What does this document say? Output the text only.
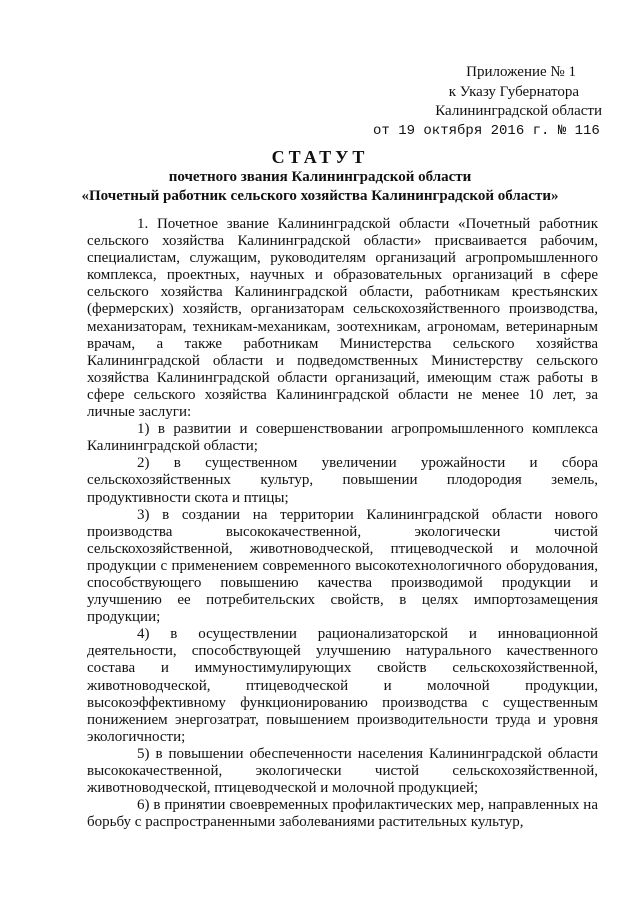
Приложение № 1
к Указу Губернатора
Калининградской области
от 19 октября 2016 г. № 116

СТАТУТ

почетного звания Калининградской области

«Почетный работник сельского хозяйства Калининградской области»

1. Почетное звание Калининградской области «Почетный работник сельского хозяйства Калининградской области» присваивается рабочим, специалистам, служащим, руководителям организаций агропромышленного комплекса, проектных, научных и образовательных организаций в сфере сельского хозяйства Калининградской области, работникам крестьянских (фермерских) хозяйств, организаторам сельскохозяйственного производства, механизаторам, техникам-механикам, зоотехникам, агрономам, ветеринарным врачам, а также работникам Министерства сельского хозяйства Калининградской области и подведомственных Министерству сельского хозяйства Калининградской области организаций, имеющим стаж работы в сфере сельского хозяйства Калининградской области не менее 10 лет, за личные заслуги:

1) в развитии и совершенствовании агропромышленного комплекса Калининградской области;

2) в существенном увеличении урожайности и сбора сельскохозяйственных культур, повышении плодородия земель, продуктивности скота и птицы;

3) в создании на территории Калининградской области нового производства высококачественной, экологически чистой сельскохозяйственной, животноводческой, птицеводческой и молочной продукции с применением современного высокотехнологичного оборудования, способствующего повышению качества производимой продукции и улучшению ее потребительских свойств, в целях импортозамещения продукции;

4) в осуществлении рационализаторской и инновационной деятельности, способствующей улучшению натурального качественного состава и иммуностимулирующих свойств сельскохозяйственной, животноводческой, птицеводческой и молочной продукции, высокоэффективному функционированию производства с существенным понижением энергозатрат, повышением производительности труда и уровня экологичности;

5) в повышении обеспеченности населения Калининградской области высококачественной, экологически чистой сельскохозяйственной, животноводческой, птицеводческой и молочной продукцией;

6) в принятии своевременных профилактических мер, направленных на борьбу с распространенными заболеваниями растительных культур,
